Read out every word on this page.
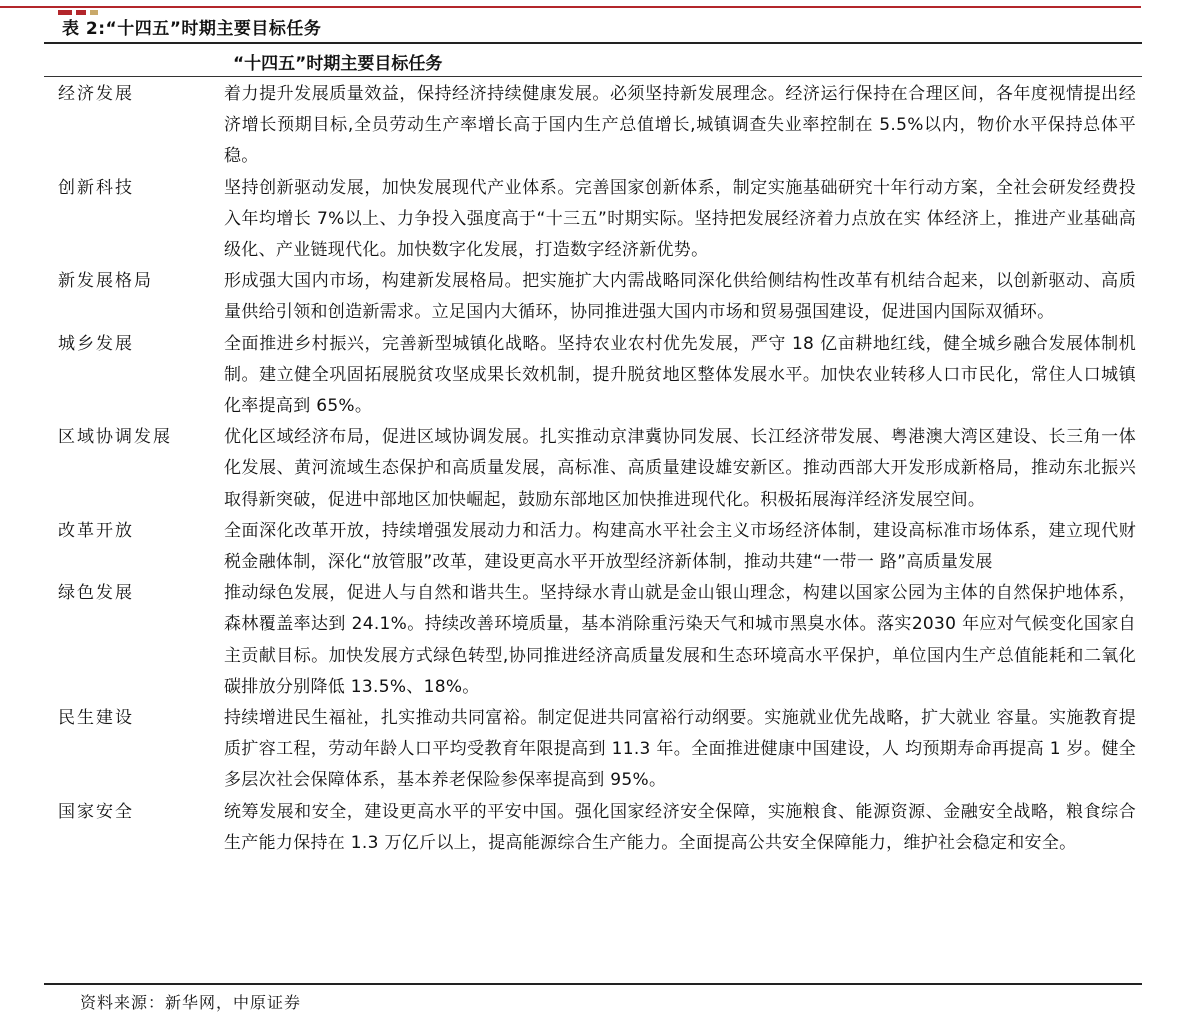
表 2:“十四五”时期主要目标任务
“十四五”时期主要目标任务
经济发展	着力提升发展质量效益，保持经济持续健康发展。必须坚持新发展理念。经济运行保持在合理区间，各年度视情提出经济增长预期目标,全员劳动生产率增长高于国内生产总值增长,城镇调查失业率控制在 5.5%以内，物价水平保持总体平稳。
创新科技	坚持创新驱动发展，加快发展现代产业体系。完善国家创新体系，制定实施基础研究十年行动方案，全社会研发经费投入年均增长 7%以上、力争投入强度高于“十三五”时期实际。坚持把发展经济着力点放在实 体经济上，推进产业基础高级化、产业链现代化。加快数字化发展，打造数字经济新优势。
新发展格局	形成强大国内市场，构建新发展格局。把实施扩大内需战略同深化供给侧结构性改革有机结合起来，以创新驱动、高质量供给引领和创造新需求。立足国内大循环，协同推进强大国内市场和贸易强国建设，促进国内国际双循环。
城乡发展	全面推进乡村振兴，完善新型城镇化战略。坚持农业农村优先发展，严守 18 亿亩耕地红线，健全城乡融合发展体制机制。建立健全巩固拓展脱贫攻坚成果长效机制，提升脱贫地区整体发展水平。加快农业转移人口市民化，常住人口城镇化率提高到 65%。
区域协调发展	优化区域经济布局，促进区域协调发展。扎实推动京津冀协同发展、长江经济带发展、粤港澳大湾区建设、长三角一体化发展、黄河流域生态保护和高质量发展，高标准、高质量建设雄安新区。推动西部大开发形成新格局，推动东北振兴取得新突破，促进中部地区加快崛起，鼓励东部地区加快推进现代化。积极拓展海洋经济发展空间。
改革开放	全面深化改革开放，持续增强发展动力和活力。构建高水平社会主义市场经济体制，建设高标准市场体系，建立现代财税金融体制，深化“放管服”改革，建设更高水平开放型经济新体制，推动共建“一带一 路”高质量发展
绿色发展	推动绿色发展，促进人与自然和谐共生。坚持绿水青山就是金山银山理念，构建以国家公园为主体的自然保护地体系，森林覆盖率达到 24.1%。持续改善环境质量，基本消除重污染天气和城市黑臭水体。落实2030 年应对气候变化国家自主贡献目标。加快发展方式绿色转型,协同推进经济高质量发展和生态环境高水平保护，单位国内生产总值能耗和二氧化碳排放分别降低 13.5%、18%。
民生建设	持续增进民生福祉，扎实推动共同富裕。制定促进共同富裕行动纲要。实施就业优先战略，扩大就业 容量。实施教育提质扩容工程，劳动年龄人口平均受教育年限提高到 11.3 年。全面推进健康中国建设，人 均预期寿命再提高 1 岁。健全多层次社会保障体系，基本养老保险参保率提高到 95%。
国家安全	统筹发展和安全，建设更高水平的平安中国。强化国家经济安全保障，实施粮食、能源资源、金融安全战略，粮食综合生产能力保持在 1.3 万亿斤以上，提高能源综合生产能力。全面提高公共安全保障能力，维护社会稳定和安全。
资料来源：新华网，中原证券
